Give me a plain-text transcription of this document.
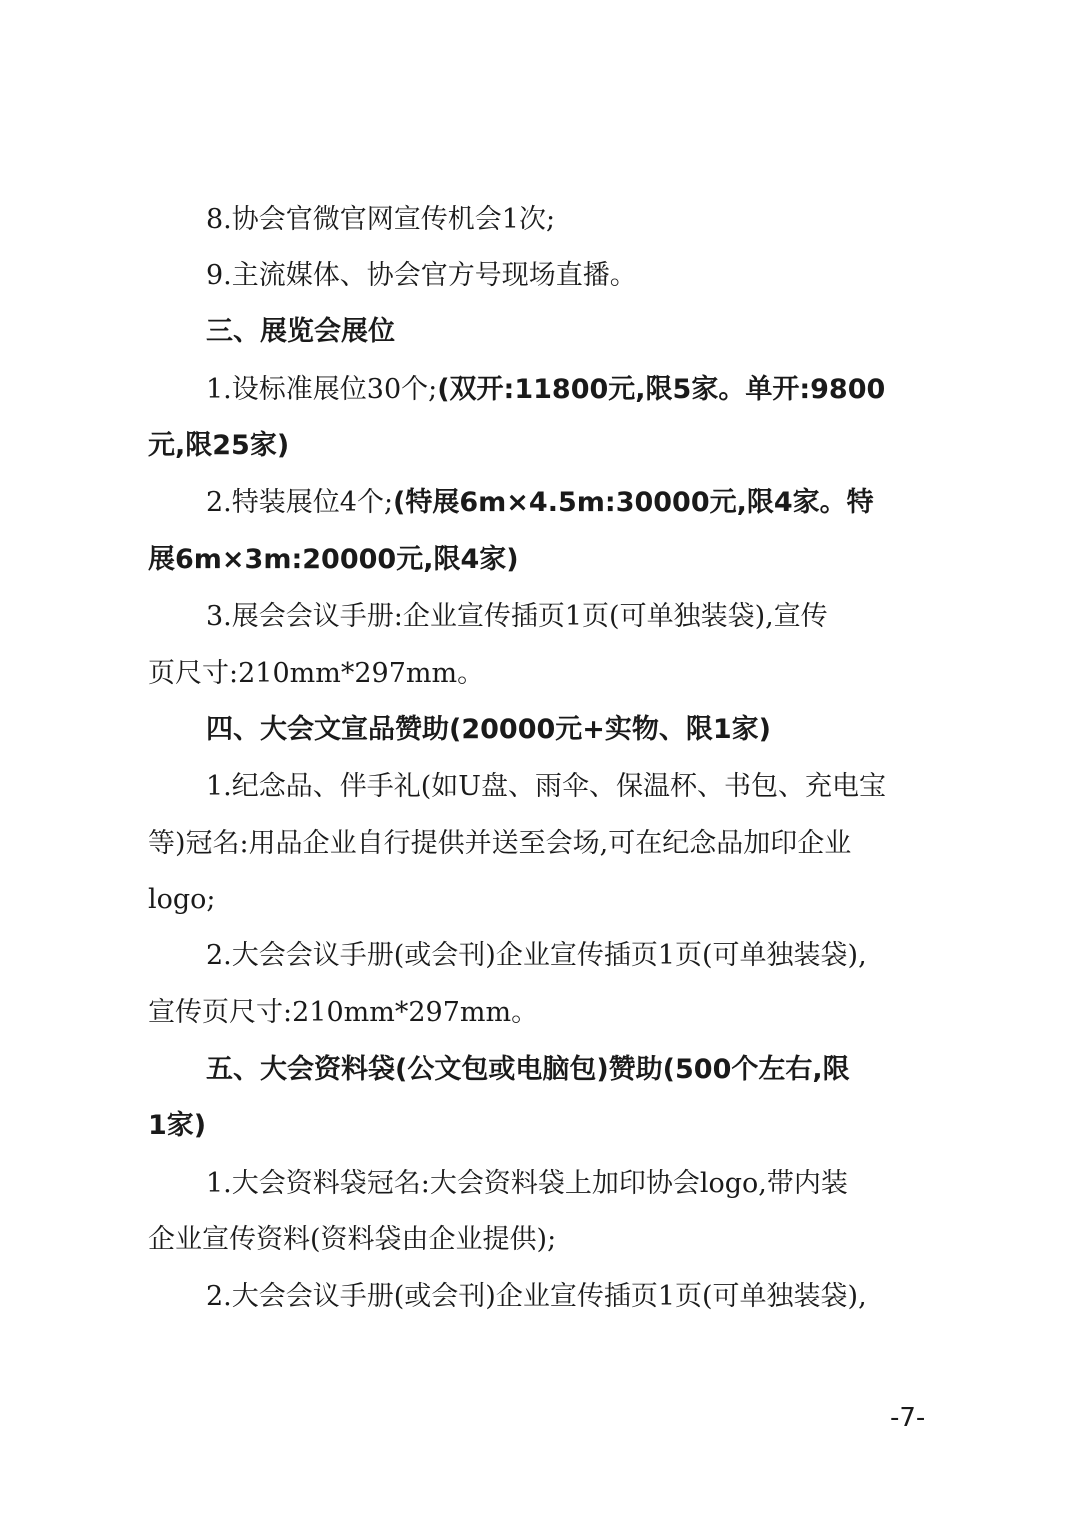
8.协会官微官网宣传机会1次;
9.主流媒体、协会官方号现场直播。
三、展览会展位
1.设标准展位30个;(双开:11800元,限5家。单开:9800
元,限25家)
2.特装展位4个;(特展6m×4.5m:30000元,限4家。特
展6m×3m:20000元,限4家)
3.展会会议手册:企业宣传插页1页(可单独装袋),宣传
页尺寸:210mm*297mm。
四、大会文宣品赞助(20000元+实物、限1家)
1.纪念品、伴手礼(如U盘、雨伞、保温杯、书包、充电宝
等)冠名:用品企业自行提供并送至会场,可在纪念品加印企业
logo;
2.大会会议手册(或会刊)企业宣传插页1页(可单独装袋),
宣传页尺寸:210mm*297mm。
五、大会资料袋(公文包或电脑包)赞助(500个左右,限
1家)
1.大会资料袋冠名:大会资料袋上加印协会logo,带内装
企业宣传资料(资料袋由企业提供);
2.大会会议手册(或会刊)企业宣传插页1页(可单独装袋),
-7-
